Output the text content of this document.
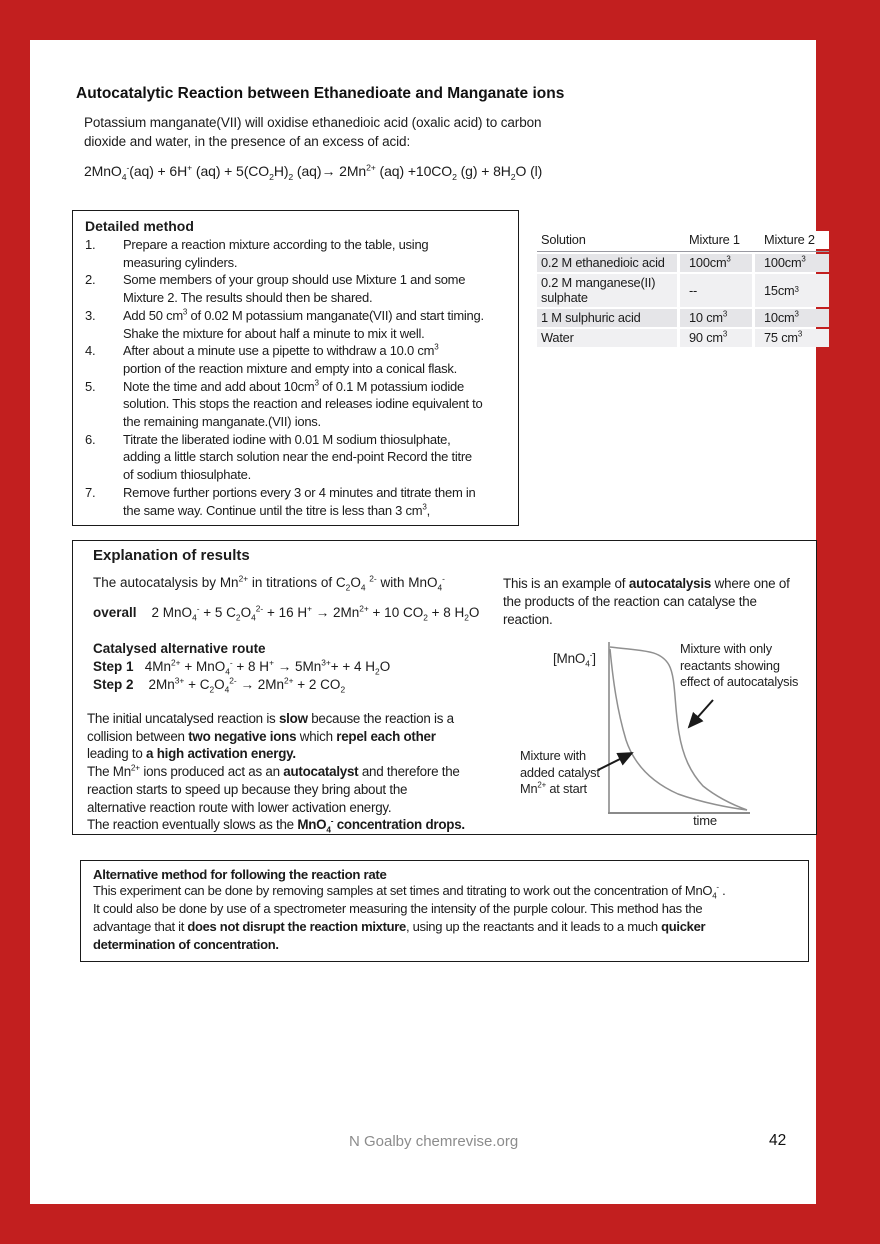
Autocatalytic Reaction between Ethanedioate and Manganate ions
Potassium manganate(VII) will oxidise ethanedioic acid (oxalic acid) to carbon
dioxide and water, in the presence of an excess of acid:
2MnO$_4$-(aq) + 6H+ $(aq) + 5(CO_2H)_2$ $(aq)\to 2Mn^{2+}$ $(aq) +10CO_2$ $(g) + 8H_2O$ (l)
Detailed method
1.	Prepare a reaction mixture according to the table, using
measuring cylinders.
2.	Some members of your group should use Mixture 1 and some
Mixture 2. The results should then be shared.
3.	Add 50 $cm^3$ of 0.02 M potassium manganate(VII) and start timing.
Shake the mixture for about half a minute to mix it well.
4.	After about a minute use a pipette to withdraw a 10.0 $cm^3$
portion of the reaction mixture and empty into a conical flask.
5.	Note the time and add about $10cm^3$ of 0.1 M potassium iodide
solution. This stops the reaction and releases iodine equivalent to
the remaining manganate.(VII) ions.
6.	Titrate the liberated iodine with 0.01 M sodium thiosulphate,
adding a little starch solution near the end-point Record the titre
of sodium thiosulphate.
7.	Remove further portions every 3 or 4 minutes and titrate them in
the same way. Continue until the titre is less than 3 $cm^3$,
Solution	Mixture 1	Mixture 2
0.2 M ethanedioic acid	$100cm^3$	$100cm^3$
0.2 M manganese(II)
sulphate	--	15cm 3
1 M sulphuric acid	10 $cm^3$	$10cm^3$
Water	90 $cm^3$	75 $cm^3$
Explanation of results
The autocatalysis by $Mn^{2+}$ in titrations of $C_2O_4$ $^{2-}$ with MnO$_4$-
overall    2 MnO$_4$- + 5 $C_2O_4^{2-} + 16$ $H^+ \to 2Mn^{2+} + 10$ $CO_2 + 8$ $H_2O$
Catalysed alternative route
Step 1   $4Mn^{2+} + MnO_4^- + 8$ $H^+ \to 5Mn^{3+}+ + 4$ $H_2O$
Step 2    $2Mn^{3+} + C_2O_4^{2-} \to 2Mn^{2+} + 2$ $CO_2$
The initial uncatalysed reaction is slow because the reaction is a
collision between two negative ions which repel each other
leading to a high activation energy.
The $Mn^{2+}$ ions produced act as an autocatalyst and therefore the
reaction starts to speed up because they bring about the
alternative reaction route with lower activation energy.
The reaction eventually slows as the MnO$_4$- concentration drops.
This is an example of autocatalysis where one of
the products of the reaction can catalyse the
reaction.
[MnO$_4$-]
Mixture with only
reactants showing
effect of autocatalysis
Mixture with
added catalyst
$Mn^{2+}$ at start
time
Alternative method for following the reaction rate
This experiment can be done by removing samples at set times and titrating to work out the concentration of MnO$_4$- .
It could also be done by use of a spectrometer measuring the intensity of the purple colour. This method has the
advantage that it does not disrupt the reaction mixture, using up the reactants and it leads to a much quicker
determination of concentration.
N Goalby chemrevise.org	42
